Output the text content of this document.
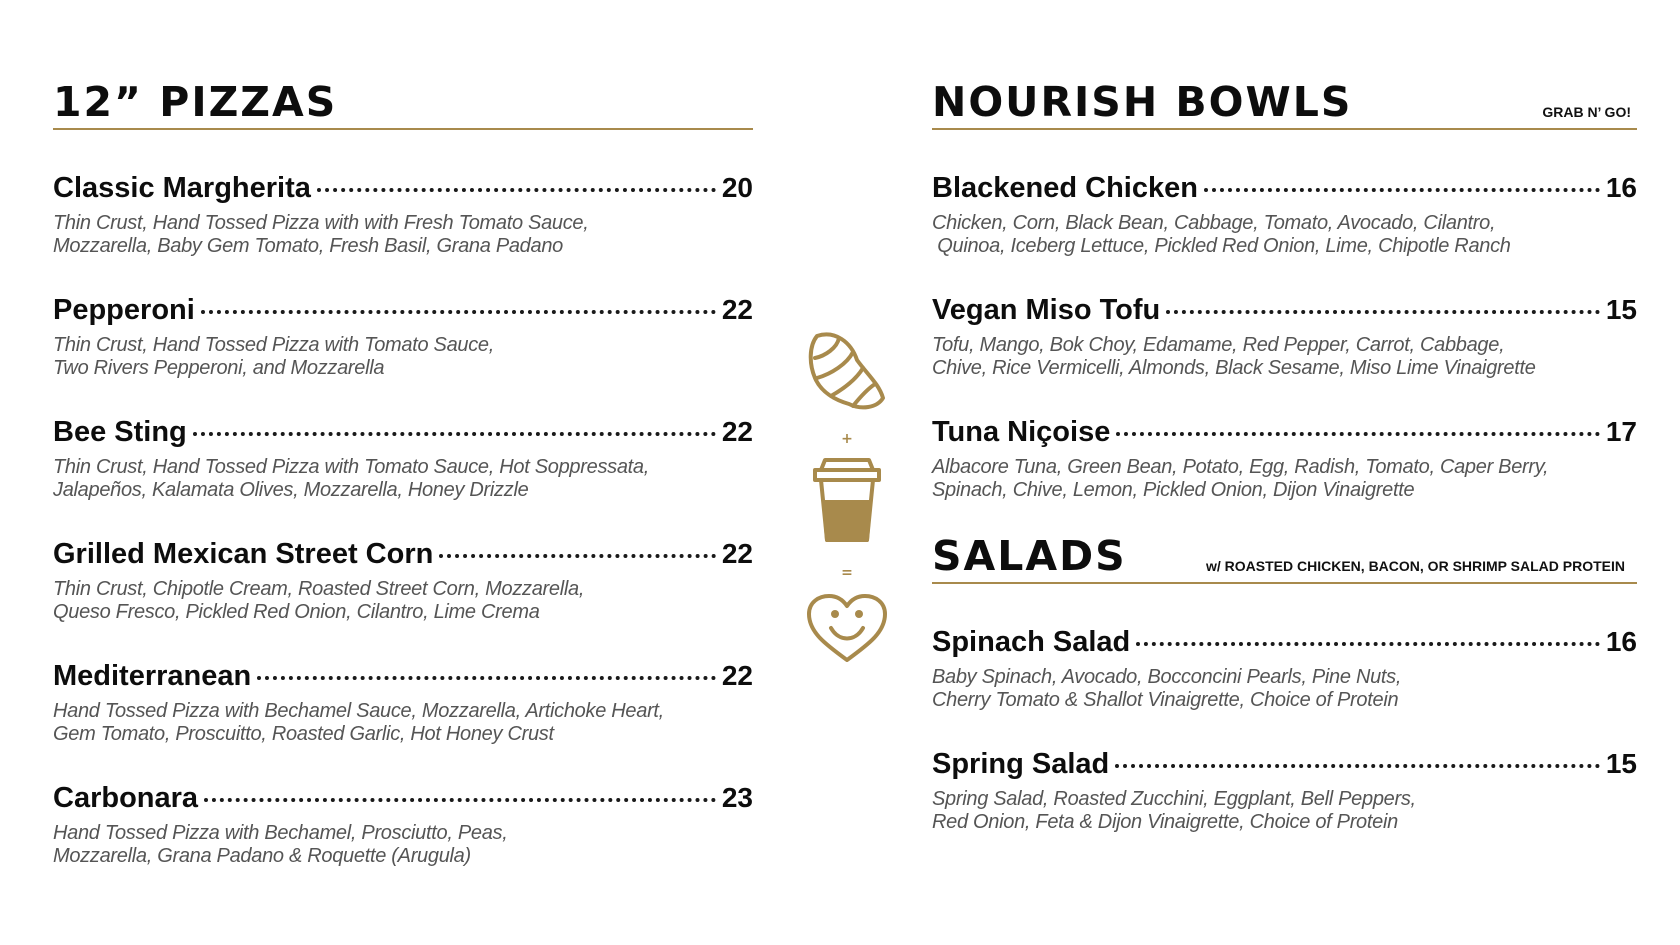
12” PIZZAS
Classic Margherita	20
Thin Crust, Hand Tossed Pizza with with Fresh Tomato Sauce,
Mozzarella, Baby Gem Tomato, Fresh Basil, Grana Padano
Pepperoni	22
Thin Crust, Hand Tossed Pizza with Tomato Sauce,
Two Rivers Pepperoni, and Mozzarella
Bee Sting	22
Thin Crust, Hand Tossed Pizza with Tomato Sauce, Hot Soppressata,
Jalapeños, Kalamata Olives, Mozzarella, Honey Drizzle
Grilled Mexican Street Corn	22
Thin Crust, Chipotle Cream, Roasted Street Corn, Mozzarella,
Queso Fresco, Pickled Red Onion, Cilantro, Lime Crema
Mediterranean	22
Hand Tossed Pizza with Bechamel Sauce, Mozzarella, Artichoke Heart,
Gem Tomato, Proscuitto, Roasted Garlic, Hot Honey Crust
Carbonara	23
Hand Tossed Pizza with Bechamel, Prosciutto, Peas,
Mozzarella, Grana Padano & Roquette (Arugula)
+
=
NOURISH BOWLS	GRAB N’ GO!
Blackened Chicken	16
Chicken, Corn, Black Bean, Cabbage, Tomato, Avocado, Cilantro,
Quinoa, Iceberg Lettuce, Pickled Red Onion, Lime, Chipotle Ranch
Vegan Miso Tofu	15
Tofu, Mango, Bok Choy, Edamame, Red Pepper, Carrot, Cabbage,
Chive, Rice Vermicelli, Almonds, Black Sesame, Miso Lime Vinaigrette
Tuna Niçoise	17
Albacore Tuna, Green Bean, Potato, Egg, Radish, Tomato, Caper Berry,
Spinach, Chive, Lemon, Pickled Onion, Dijon Vinaigrette
SALADS	w/ ROASTED CHICKEN, BACON, OR SHRIMP SALAD PROTEIN
Spinach Salad	16
Baby Spinach, Avocado, Bocconcini Pearls, Pine Nuts,
Cherry Tomato & Shallot Vinaigrette, Choice of Protein
Spring Salad	15
Spring Salad, Roasted Zucchini, Eggplant, Bell Peppers,
Red Onion, Feta & Dijon Vinaigrette, Choice of Protein
